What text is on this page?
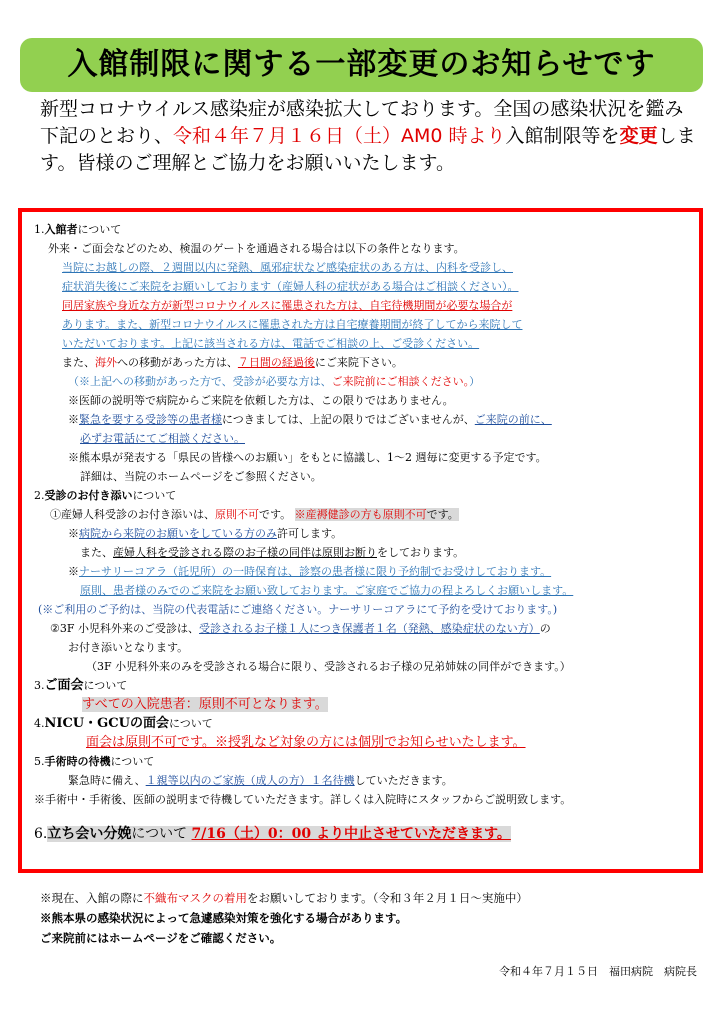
入館制限に関する一部変更のお知らせです
新型コロナウイルス感染症が感染拡大しております。全国の感染状況を鑑み下記のとおり、令和４年７月１６日（土）AM0 時より入館制限等を変更します。皆様のご理解とご協力をお願いいたします。
1.入館者について
外来・ご面会などのため、検温のゲートを通過される場合は以下の条件となります。
当院にお越しの際、２週間以内に発熱、風邪症状など感染症状のある方は、内科を受診し、
症状消失後にご来院をお願いしております（産婦人科の症状がある場合はご相談ください）。
同居家族や身近な方が新型コロナウイルスに罹患された方は、自宅待機期間が必要な場合が
あります。また、新型コロナウイルスに罹患された方は自宅療養期間が終了してから来院して
いただいております。上記に該当される方は、電話でご相談の上、ご受診ください。
また、海外への移動があった方は、７日間の経過後にご来院下さい。
（※上記への移動があった方で、受診が必要な方は、ご来院前にご相談ください。）
※医師の説明等で病院からご来院を依頼した方は、この限りではありません。
※緊急を要する受診等の患者様につきましては、上記の限りではございませんが、ご来院の前に、
必ずお電話にてご相談ください。
※熊本県が発表する「県民の皆様へのお願い」をもとに協議し、1～2 週毎に変更する予定です。
詳細は、当院のホームページをご参照ください。
2.受診のお付き添いについて
①産婦人科受診のお付き添いは、原則不可です。 ※産褥健診の方も原則不可です。
※病院から来院のお願いをしている方のみ許可します。
また、産婦人科を受診される際のお子様の同伴は原則お断りをしております。
※ナーサリーコアラ（託児所）の一時保育は、診察の患者様に限り予約制でお受けしております。
原則、患者様のみでのご来院をお願い致しております。ご家庭でご協力の程よろしくお願いします。
(※ご利用のご予約は、当院の代表電話にご連絡ください。ナーサリーコアラにて予約を受けております。)
②3F 小児科外来のご受診は、受診されるお子様１人につき保護者１名（発熱、感染症状のない方）の
お付き添いとなります。
（3F 小児科外来のみを受診される場合に限り、受診されるお子様の兄弟姉妹の同伴ができます。）
3.ご面会について
すべての入院患者：原則不可となります。
4.NICU・GCUの面会について
面会は原則不可です。※授乳など対象の方には個別でお知らせいたします。
5.手術時の待機について
緊急時に備え、１親等以内のご家族（成人の方）１名待機していただきます。
※手術中・手術後、医師の説明まで待機していただきます。詳しくは入院時にスタッフからご説明致します。
6.立ち会い分娩について 7/16（土）0：00 より中止させていただきます。
※現在、入館の際に不織布マスクの着用をお願いしております。（令和３年２月１日～実施中）
※熊本県の感染状況によって急遽感染対策を強化する場合があります。
ご来院前にはホームページをご確認ください。
令和４年７月１５日　福田病院　病院長
